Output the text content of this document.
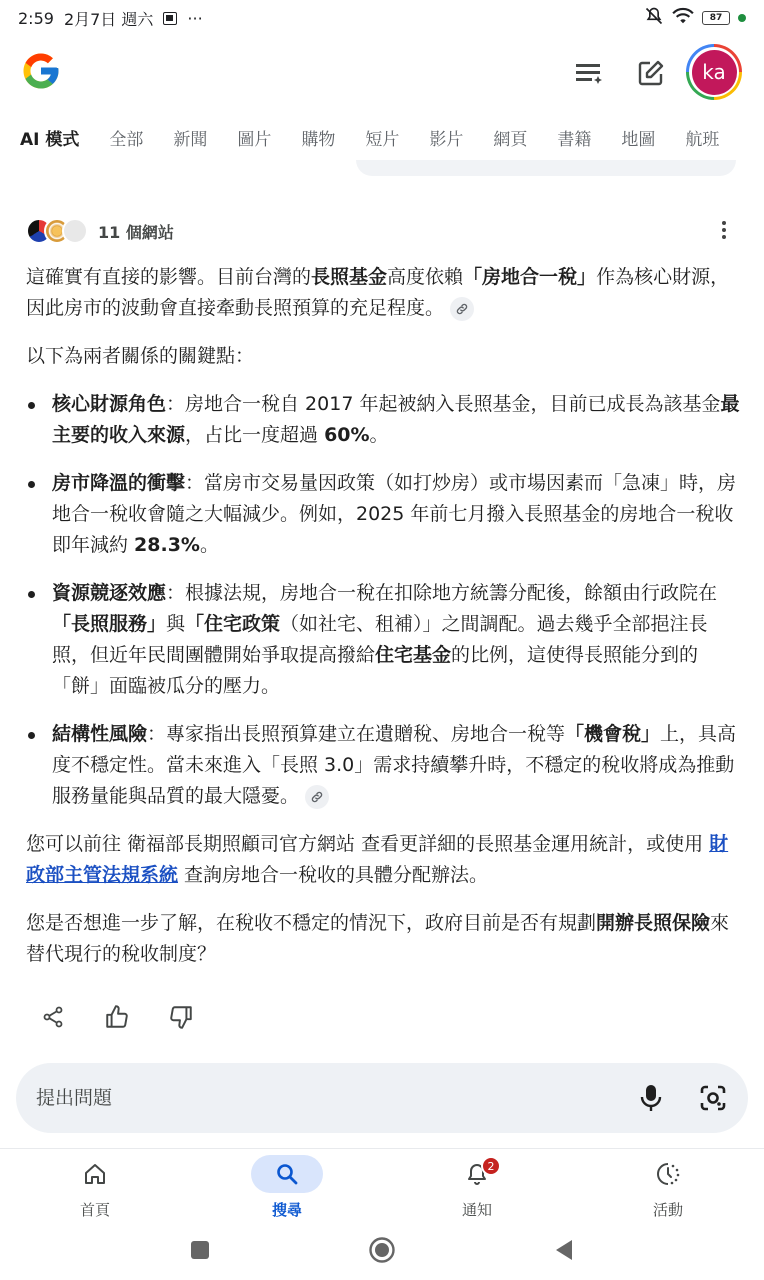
2:59 2月7日 週六 ···	87
ka
AI 模式 全部 新聞 圖片 購物 短片 影片 網頁 書籍 地圖 航班
11 個網站

這確實有直接的影響。目前台灣的長照基金高度依賴「房地合一稅」作為核心財源，因此房市的波動會直接牽動長照預算的充足程度。

以下為兩者關係的關鍵點：

核心財源角色：房地合一稅自 2017 年起被納入長照基金，目前已成長為該基金最主要的收入來源，占比一度超過 60%。
房市降溫的衝擊：當房市交易量因政策（如打炒房）或市場因素而「急凍」時，房地合一稅收會隨之大幅減少。例如，2025 年前七月撥入長照基金的房地合一稅收即年減約 28.3%。
資源競逐效應：根據法規，房地合一稅在扣除地方統籌分配後，餘額由行政院在「長照服務」與「住宅政策（如社宅、租補）」之間調配。過去幾乎全部挹注長照，但近年民間團體開始爭取提高撥給住宅基金的比例，這使得長照能分到的「餅」面臨被瓜分的壓力。
結構性風險：專家指出長照預算建立在遺贈稅、房地合一稅等「機會稅」上，具高度不穩定性。當未來進入「長照 3.0」需求持續攀升時，不穩定的稅收將成為推動服務量能與品質的最大隱憂。

您可以前往 衛福部長期照顧司官方網站 查看更詳細的長照基金運用統計，或使用 財政部主管法規系統 查詢房地合一稅收的具體分配辦法。

您是否想進一步了解，在稅收不穩定的情況下，政府目前是否有規劃開辦長照保險來替代現行的稅收制度？

提出問題
首頁	搜尋
2
通知	活動
